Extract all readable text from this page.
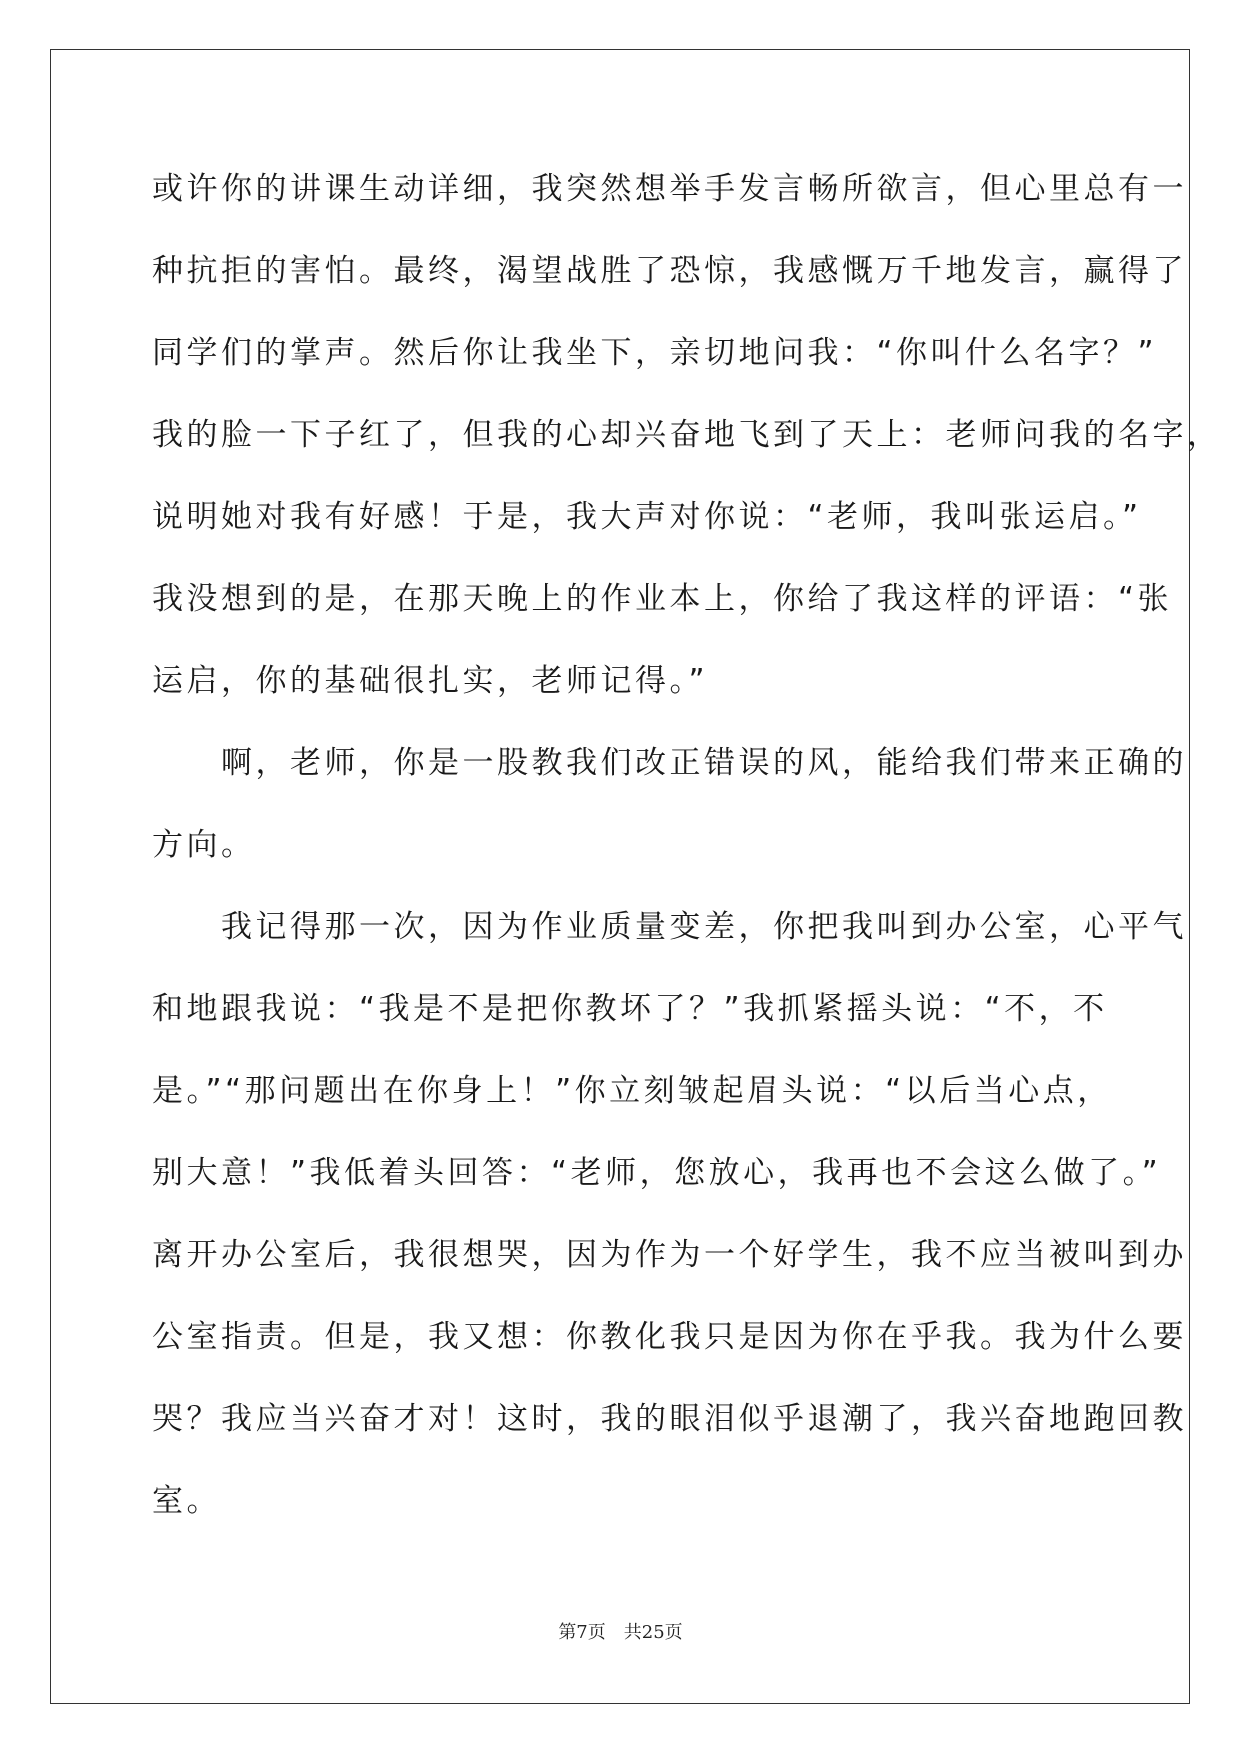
或许你的讲课生动详细，我突然想举手发言畅所欲言，但心里总有一
种抗拒的害怕。最终，渴望战胜了恐惊，我感慨万千地发言，赢得了
同学们的掌声。然后你让我坐下，亲切地问我：“你叫什么名字？”
我的脸一下子红了，但我的心却兴奋地飞到了天上：老师问我的名字，
说明她对我有好感！于是，我大声对你说：“老师，我叫张运启。”
我没想到的是，在那天晚上的作业本上，你给了我这样的评语：“张
运启，你的基础很扎实，老师记得。”
　　啊，老师，你是一股教我们改正错误的风，能给我们带来正确的
方向。
　　我记得那一次，因为作业质量变差，你把我叫到办公室，心平气
和地跟我说：“我是不是把你教坏了？”我抓紧摇头说：“不，不
是。”“那问题出在你身上！”你立刻皱起眉头说：“以后当心点，
别大意！”我低着头回答：“老师，您放心，我再也不会这么做了。”
离开办公室后，我很想哭，因为作为一个好学生，我不应当被叫到办
公室指责。但是，我又想：你教化我只是因为你在乎我。我为什么要
哭？我应当兴奋才对！这时，我的眼泪似乎退潮了，我兴奋地跑回教
室。
第7页　共25页
